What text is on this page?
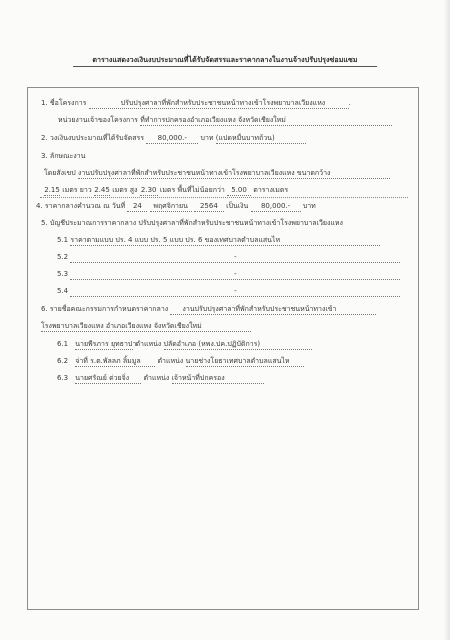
ตารางแสดงวงเงินงบประมาณที่ได้รับจัดสรรและราคากลางในงานจ้างปรับปรุงซ่อมแซม
1. ชื่อโครงการ	ปรับปรุงศาลาที่พักสำหรับประชาชนหน้าทางเข้าโรงพยาบาลเวียงแหง	.
หน่วยงานเจ้าของโครงการ ที่ทำการปกครองอำเภอเวียงแหง จังหวัดเชียงใหม่
2. วงเงินงบประมาณที่ได้รับจัดสรร 80,000.- บาท (แปดหมื่นบาทถ้วน)
3. ลักษณะงาน
โดยสังเขป งานปรับปรุงศาลาที่พักสำหรับประชาชนหน้าทางเข้าโรงพยาบาลเวียงแหง ขนาดกว้าง
2.15 เมตร ยาว 2.45 เมตร สูง 2.30 เมตร พื้นที่ไม่น้อยกว่า 5.00 ตารางเมตร
4. ราคากลางคำนวณ ณ วันที่ 24 พฤศจิกายน 2564 เป็นเงิน 80,000.- บาท
5. บัญชีประมาณการราคากลาง ปรับปรุงศาลาที่พักสำหรับประชาชนหน้าทางเข้าโรงพยาบาลเวียงแหง
5.1 ราคาตามแบบ ปร. 4 แบบ ปร. 5 แบบ ปร. 6 ของเทศบาลตำบลแสนไห
5.2	-
5.3	-
5.4	-
6. รายชื่อคณะกรรมการกำหนดราคากลาง งานปรับปรุงศาลาที่พักสำหรับประชาชนหน้าทางเข้า
โรงพยาบาลเวียงแหง อำเภอเวียงแหง จังหวัดเชียงใหม่
6.1 นายพีรภาร ยุทธาปา ตำแหน่ง ปลัดอำเภอ (หพง.ปค.ปฏิบัติการ)
6.2 จ่าที่ ร.ต.พัลลภ ลิ้มมูล ตำแหน่ง นายช่างโยธาเทศบาลตำบลแสนไห
6.3 นายศรัณย์ ด่วยจิ่ง ตำแหน่ง เจ้าหน้าที่ปกครอง
